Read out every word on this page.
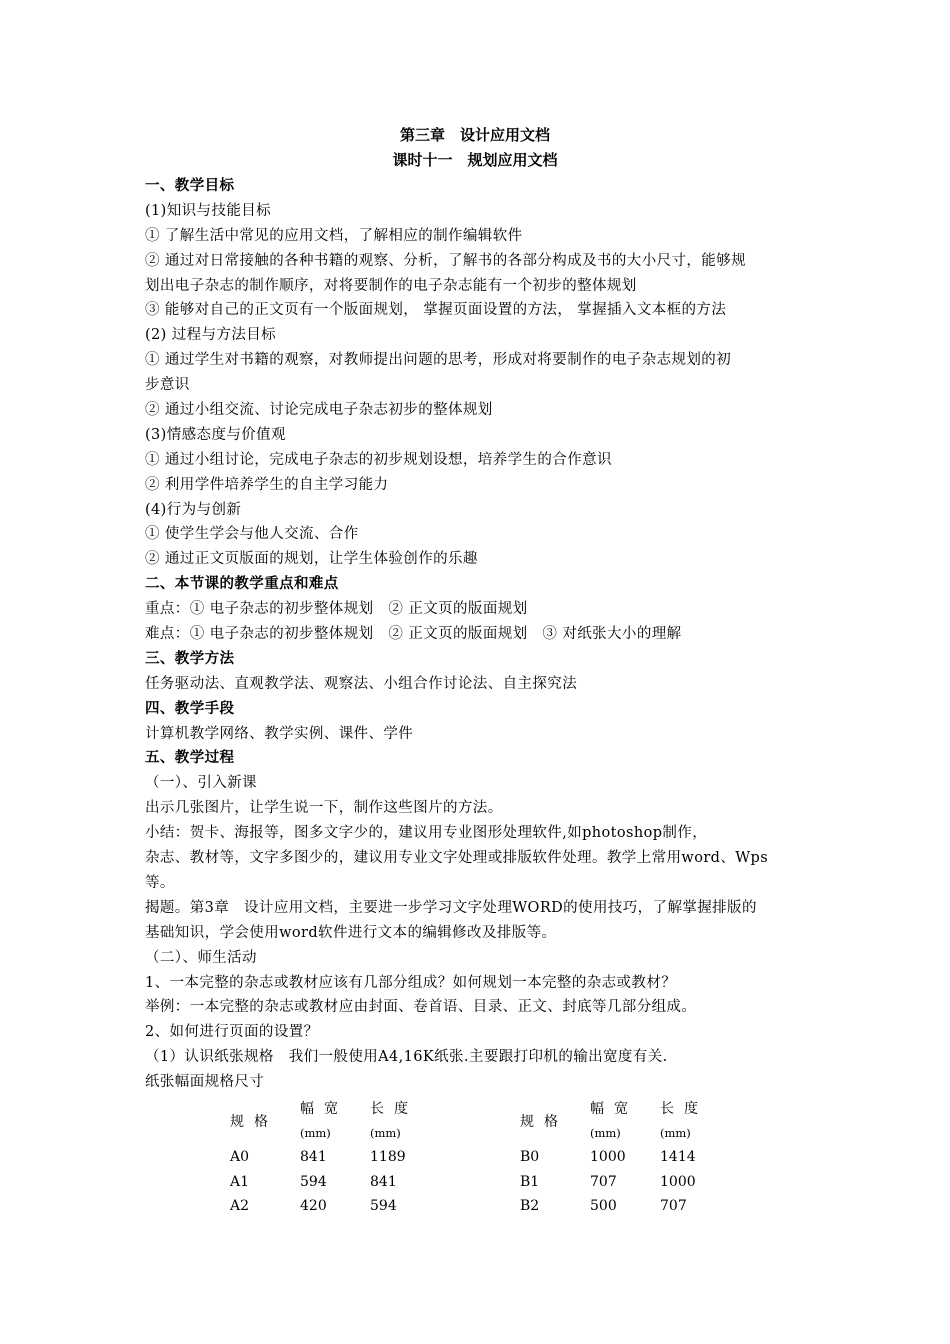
第三章　设计应用文档
课时十一　规划应用文档
一、教学目标
(1)知识与技能目标
① 了解生活中常见的应用文档，了解相应的制作编辑软件
② 通过对日常接触的各种书籍的观察、分析，了解书的各部分构成及书的大小尺寸，能够规
划出电子杂志的制作顺序，对将要制作的电子杂志能有一个初步的整体规划
③ 能够对自己的正文页有一个版面规划， 掌握页面设置的方法， 掌握插入文本框的方法
(2) 过程与方法目标
① 通过学生对书籍的观察，对教师提出问题的思考，形成对将要制作的电子杂志规划的初
步意识
② 通过小组交流、讨论完成电子杂志初步的整体规划
(3)情感态度与价值观
① 通过小组讨论，完成电子杂志的初步规划设想，培养学生的合作意识
② 利用学件培养学生的自主学习能力
(4)行为与创新
① 使学生学会与他人交流、合作
② 通过正文页版面的规划，让学生体验创作的乐趣
二、本节课的教学重点和难点
重点：① 电子杂志的初步整体规划　② 正文页的版面规划
难点：① 电子杂志的初步整体规划　② 正文页的版面规划　③ 对纸张大小的理解
三、教学方法
任务驱动法、直观教学法、观察法、小组合作讨论法、自主探究法
四、教学手段
计算机教学网络、教学实例、课件、学件
五、教学过程
（一）、引入新课
出示几张图片，让学生说一下，制作这些图片的方法。
小结：贺卡、海报等，图多文字少的，建议用专业图形处理软件,如photoshop制作，
杂志、教材等，文字多图少的，建议用专业文字处理或排版软件处理。教学上常用word、Wps
等。
揭题。第3章　设计应用文档，主要进一步学习文字处理WORD的使用技巧，了解掌握排版的
基础知识，学会使用word软件进行文本的编辑修改及排版等。
（二）、师生活动
1、一本完整的杂志或教材应该有几部分组成？如何规划一本完整的杂志或教材？
举例：一本完整的杂志或教材应由封面、卷首语、目录、正文、封底等几部分组成。
2、如何进行页面的设置？
（1）认识纸张规格　我们一般使用A4,16K纸张.主要跟打印机的输出宽度有关.
纸张幅面规格尺寸
规格	幅宽	长度	规格	幅宽	长度
	(mm)	(mm)		(mm)	(mm)
A0	841	1189	B0	1000	1414
A1	594	841	B1	707	1000
A2	420	594	B2	500	707
